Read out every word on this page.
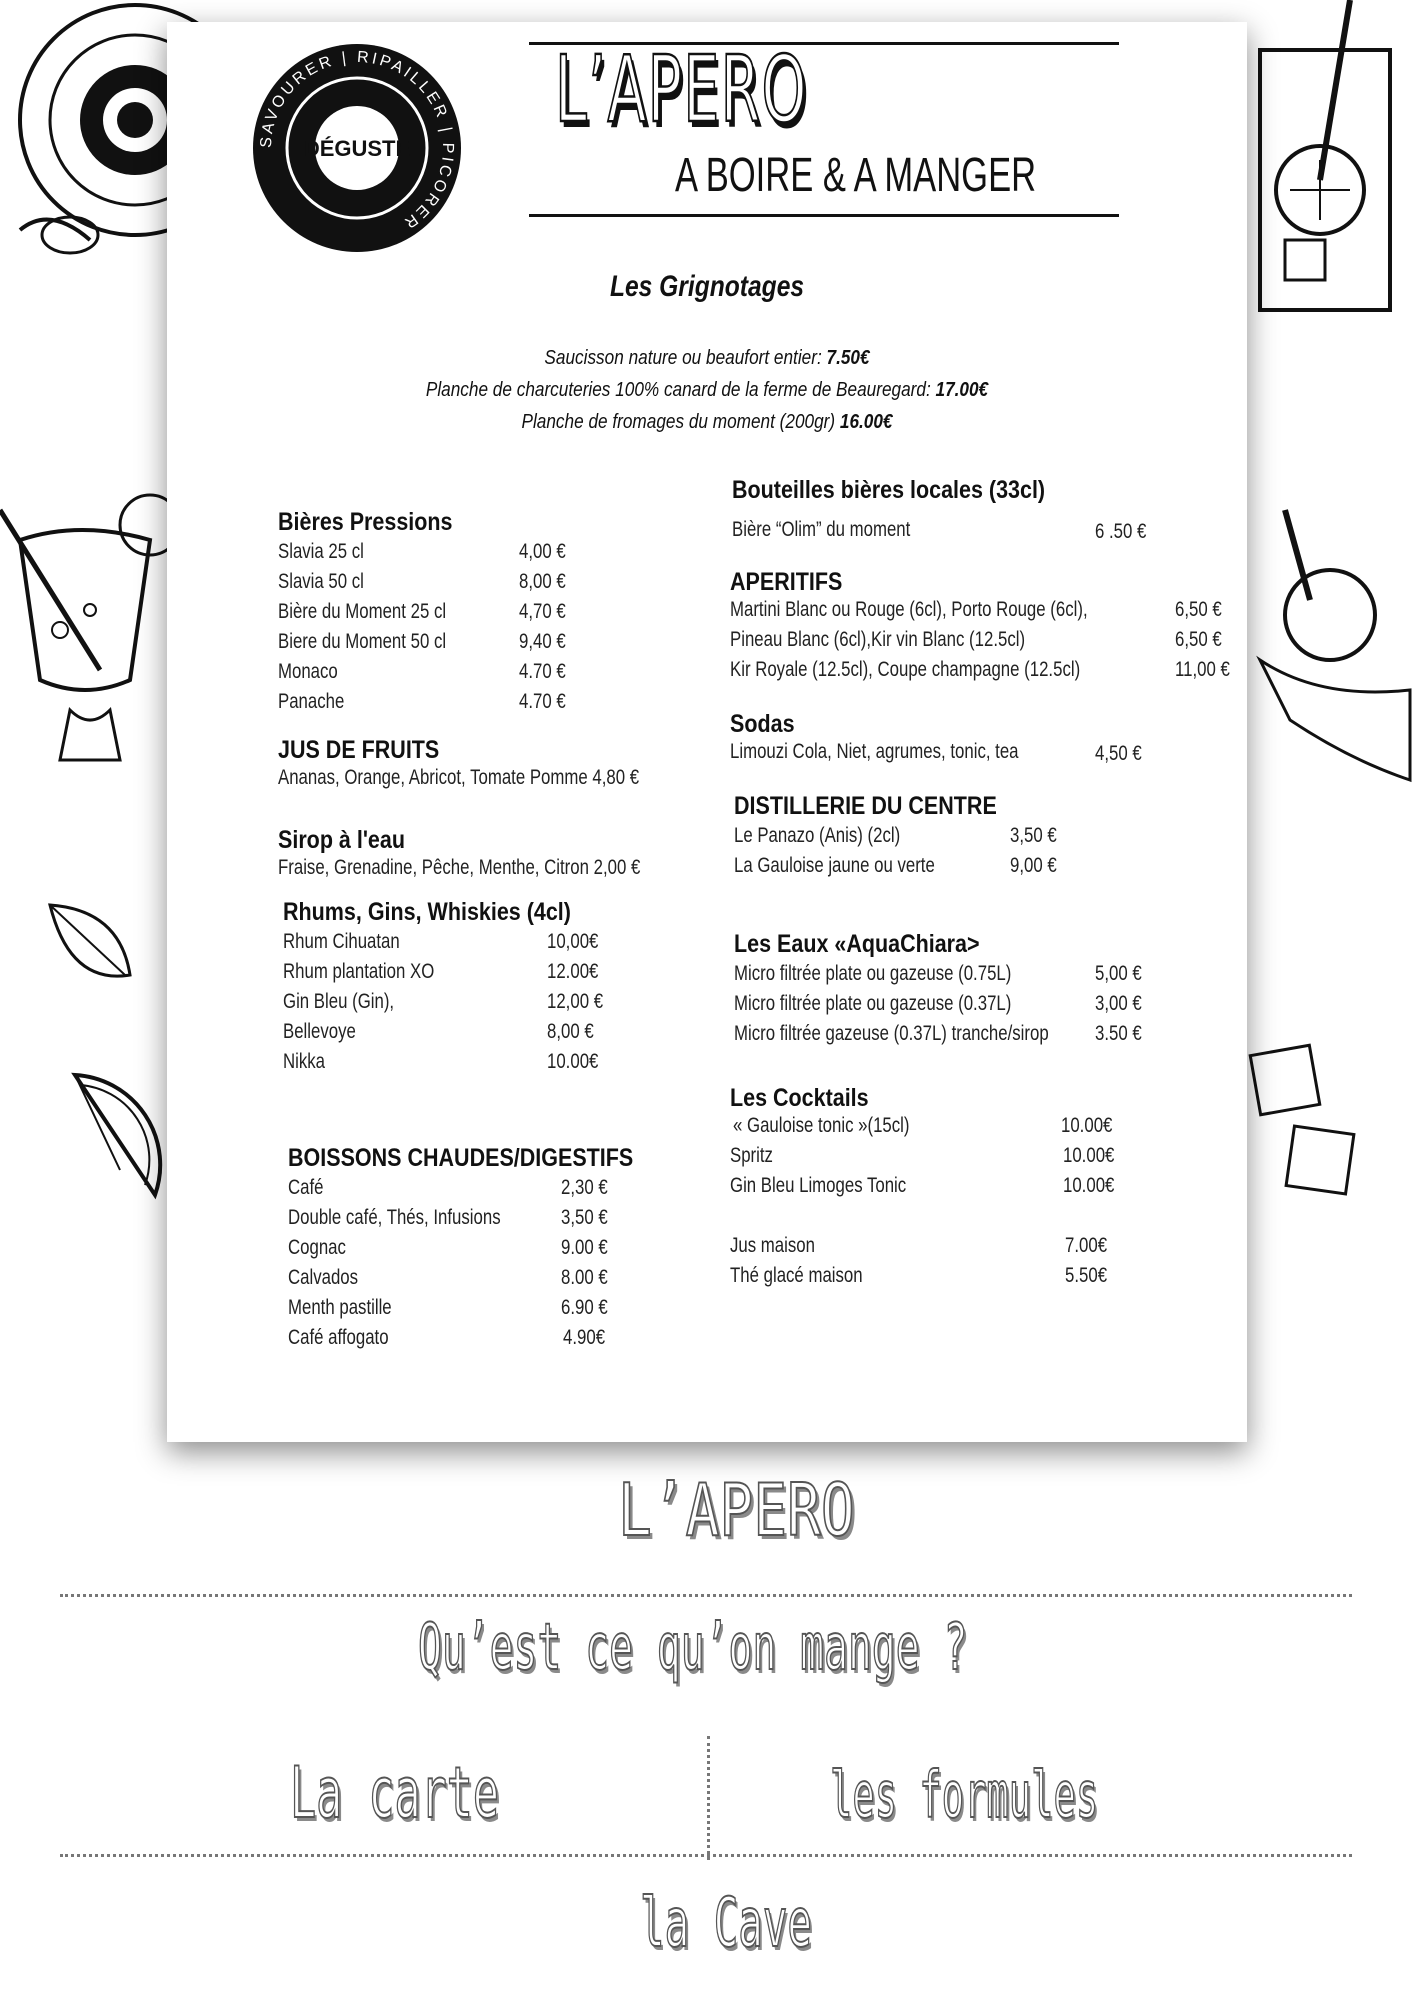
SAVOURER | RIPAILLER | PICORER
DÉGUSTE
L’APERO
A BOIRE & A MANGER
Les Grignotages
Saucisson nature ou beaufort entier: 7.50€
Planche de charcuteries 100% canard de la ferme de Beauregard: 17.00€
Planche de fromages du moment (200gr) 16.00€
Bières Pressions
Slavia 25 cl	4,00 €
Slavia 50 cl	8,00 €
Bière du Moment 25 cl	4,70 €
Biere du Moment 50 cl	9,40 €
Monaco	4.70 €
Panache	4.70 €
JUS DE FRUITS
Ananas, Orange, Abricot, Tomate Pomme 4,80 €
Sirop à l'eau
Fraise, Grenadine, Pêche, Menthe, Citron 2,00 €
Rhums, Gins, Whiskies (4cl)
Rhum Cihuatan	10,00€
Rhum plantation XO	12.00€
Gin Bleu (Gin),	12,00 €
Bellevoye	8,00 €
Nikka	10.00€
BOISSONS CHAUDES/DIGESTIFS
Café	2,30 €
Double café, Thés, Infusions	3,50 €
Cognac	9.00 €
Calvados	8.00 €
Menth pastille	6.90 €
Café affogato	4.90€
Bouteilles bières locales (33cl)
Bière “Olim” du moment	6 .50 €
APERITIFS
Martini Blanc ou Rouge (6cl), Porto Rouge (6cl),	6,50 €
Pineau Blanc (6cl),Kir vin Blanc (12.5cl)	6,50 €
Kir Royale (12.5cl), Coupe champagne (12.5cl)	11,00 €
Sodas
Limouzi Cola, Niet, agrumes, tonic, tea	4,50 €
DISTILLERIE DU CENTRE
Le Panazo (Anis) (2cl)	3,50 €
La Gauloise jaune ou verte	9,00 €
Les Eaux «AquaChiara>
Micro filtrée plate ou gazeuse (0.75L)	5,00 €
Micro filtrée plate ou gazeuse (0.37L)	3,00 €
Micro filtrée gazeuse (0.37L) tranche/sirop 3.50 €
Les Cocktails
« Gauloise tonic »(15cl)	10.00€
Spritz	10.00€
Gin Bleu Limoges Tonic	10.00€
Jus maison	7.00€
Thé glacé maison	5.50€
L’APERO
Qu’est ce qu’on mange ?
La carte	les formules
la Cave
